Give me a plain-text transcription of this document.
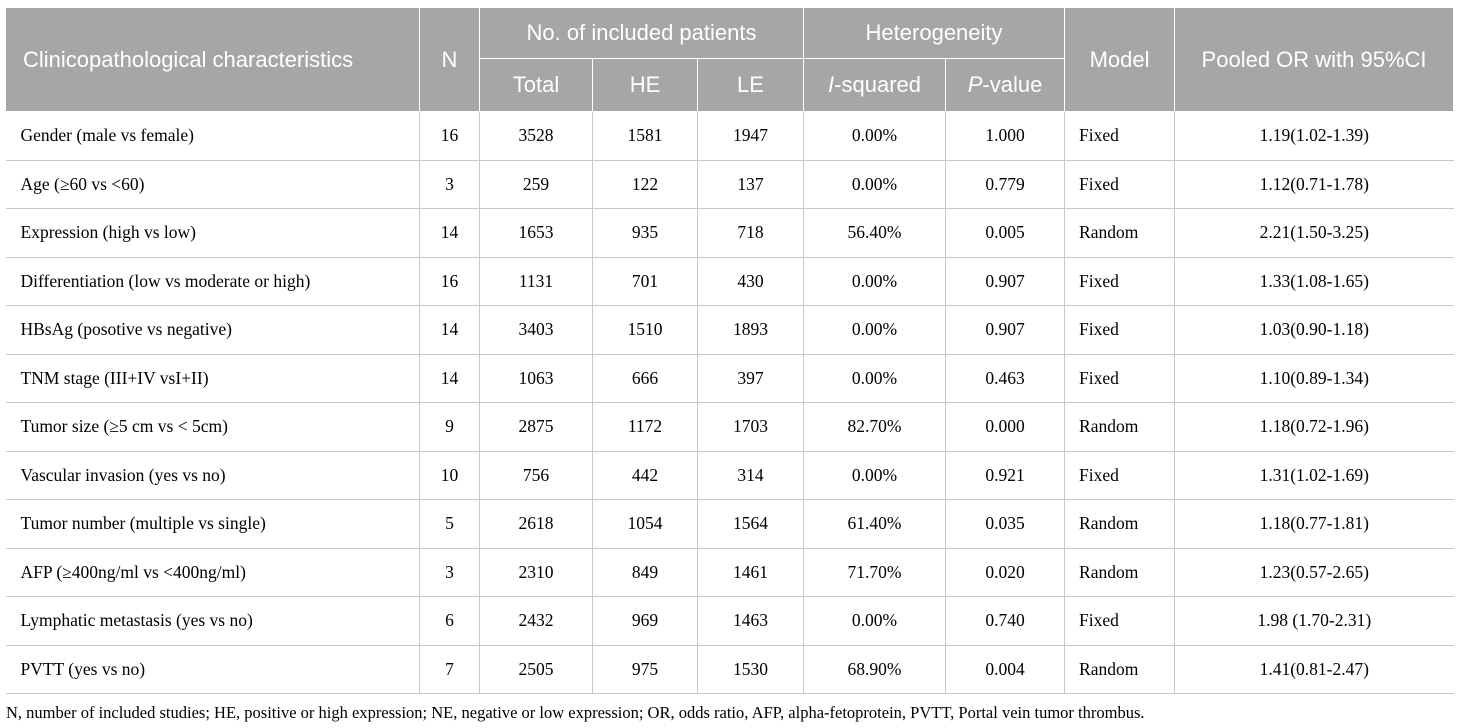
Clinicopathological characteristics	N	No. of included patients			Heterogeneity		Model	Pooled OR with 95%CI
		Total	HE	LE	I-squared	P-value		
Gender (male vs female)	16	3528	1581	1947	0.00%	1.000	Fixed	1.19(1.02-1.39)
Age (≥60 vs <60)	3	259	122	137	0.00%	0.779	Fixed	1.12(0.71-1.78)
Expression (high vs low)	14	1653	935	718	56.40%	0.005	Random	2.21(1.50-3.25)
Differentiation (low vs moderate or high)	16	1131	701	430	0.00%	0.907	Fixed	1.33(1.08-1.65)
HBsAg (posotive vs negative)	14	3403	1510	1893	0.00%	0.907	Fixed	1.03(0.90-1.18)
TNM stage (III+IV vsI+II)	14	1063	666	397	0.00%	0.463	Fixed	1.10(0.89-1.34)
Tumor size (≥5 cm vs < 5cm)	9	2875	1172	1703	82.70%	0.000	Random	1.18(0.72-1.96)
Vascular invasion (yes vs no)	10	756	442	314	0.00%	0.921	Fixed	1.31(1.02-1.69)
Tumor number (multiple vs single)	5	2618	1054	1564	61.40%	0.035	Random	1.18(0.77-1.81)
AFP (≥400ng/ml vs <400ng/ml)	3	2310	849	1461	71.70%	0.020	Random	1.23(0.57-2.65)
Lymphatic metastasis (yes vs no)	6	2432	969	1463	0.00%	0.740	Fixed	1.98 (1.70-2.31)
PVTT (yes vs no)	7	2505	975	1530	68.90%	0.004	Random	1.41(0.81-2.47)
N, number of included studies; HE, positive or high expression; NE, negative or low expression; OR, odds ratio, AFP, alpha-fetoprotein, PVTT, Portal vein tumor thrombus.
